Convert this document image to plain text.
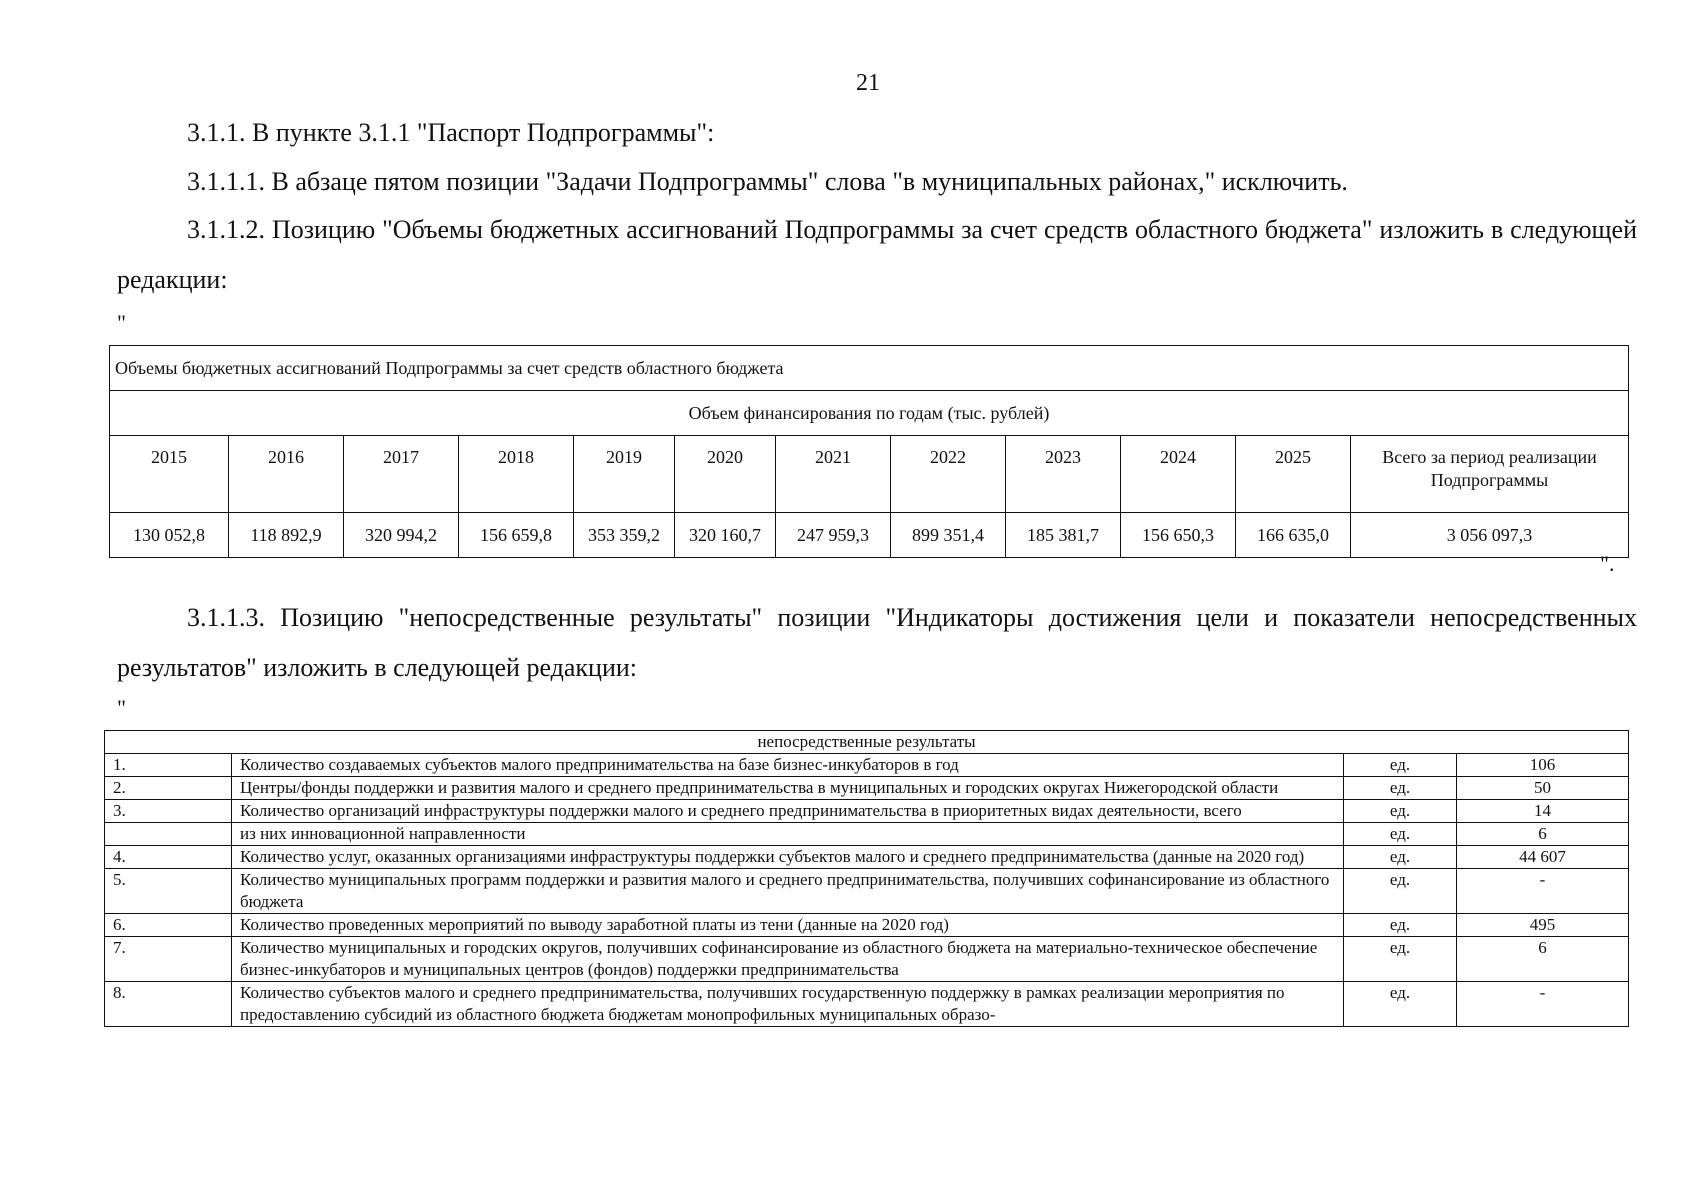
21
3.1.1. В пункте 3.1.1 "Паспорт Подпрограммы":
3.1.1.1. В абзаце пятом позиции "Задачи Подпрограммы" слова "в муниципальных районах," исключить.
3.1.1.2. Позицию "Объемы бюджетных ассигнований Подпрограммы за счет средств областного бюджета" изложить в следующей редакции:
"
Объемы бюджетных ассигнований Подпрограммы за счет средств областного бюджета											
Объем финансирования по годам (тыс. рублей)											
2015	2016	2017	2018	2019	2020	2021	2022	2023	2024	2025	Всего за период реализации Подпрограммы
130 052,8	118 892,9	320 994,2	156 659,8	353 359,2	320 160,7	247 959,3	899 351,4	185 381,7	156 650,3	166 635,0	3 056 097,3
".
3.1.1.3. Позицию "непосредственные результаты" позиции "Индикаторы достижения цели и показатели непосредственных результатов" изложить в следующей редакции:
"
непосредственные результаты			
1.	Количество создаваемых субъектов малого предпринимательства на базе бизнес-инкубаторов в год	ед.	106
2.	Центры/фонды поддержки и развития малого и среднего предпринимательства в муниципальных и городских округах Нижегородской области	ед.	50
3.	Количество организаций инфраструктуры поддержки малого и среднего предпринимательства в приоритетных видах деятельности, всего	ед.	14
	из них инновационной направленности	ед.	6
4.	Количество услуг, оказанных организациями инфраструктуры поддержки субъектов малого и среднего предпринимательства (данные на 2020 год)	ед.	44 607
5.	Количество муниципальных программ поддержки и развития малого и среднего предпринимательства, получивших софинансирование из областного бюджета	ед.	-
6.	Количество проведенных мероприятий по выводу заработной платы из тени (данные на 2020 год)	ед.	495
7.	Количество муниципальных и городских округов, получивших софинансирование из областного бюджета на материально-техническое обеспечение бизнес-инкубаторов и муниципальных центров (фондов) поддержки предпринимательства	ед.	6
8.	Количество субъектов малого и среднего предпринимательства, получивших государственную поддержку в рамках реализации мероприятия по предоставлению субсидий из областного бюджета бюджетам монопрофильных муниципальных образо-	ед.	-
